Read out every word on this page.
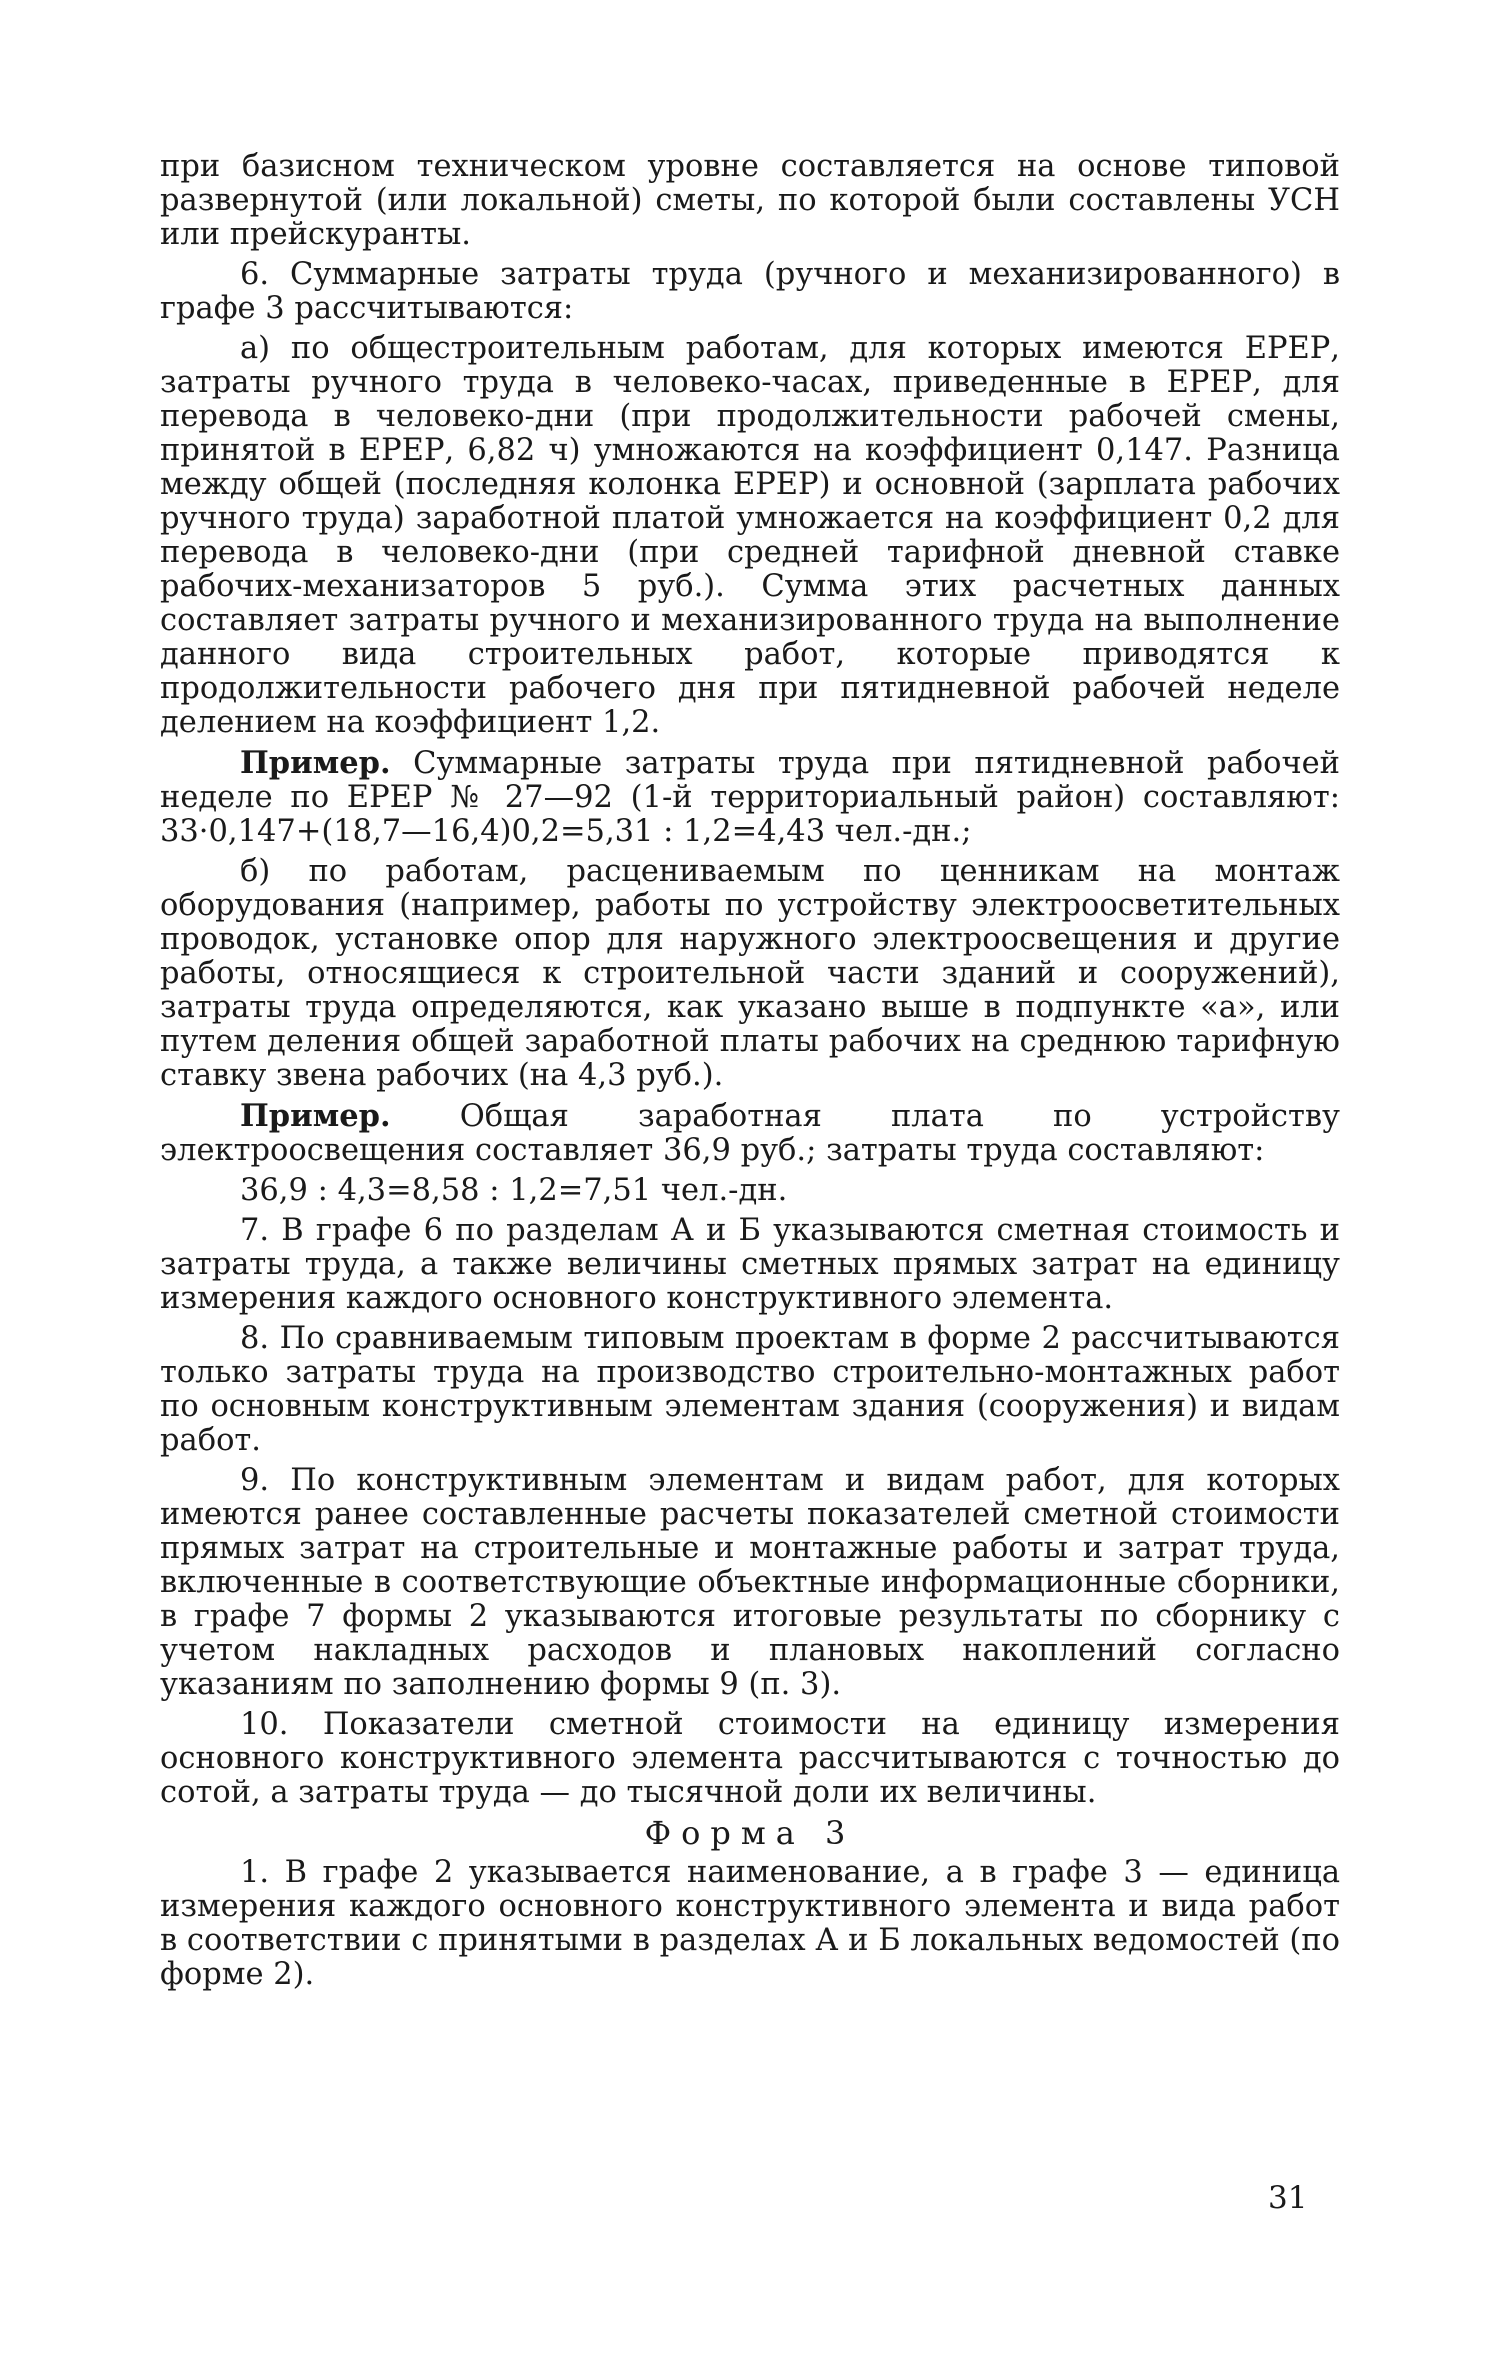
при базисном техническом уровне составляется на основе типовой развернутой (или локальной) сметы, по которой были составлены УСН или прейскуранты.

6. Суммарные затраты труда (ручного и механизированного) в графе 3 рассчитываются:

а) по общестроительным работам, для которых имеются ЕРЕР, затраты ручного труда в человеко-часах, приведенные в ЕРЕР, для перевода в человеко-дни (при продолжительности рабочей смены, принятой в ЕРЕР, 6,82 ч) умножаются на коэффициент 0,147. Разница между общей (последняя колонка ЕРЕР) и основной (зарплата рабочих ручного труда) заработной платой умножается на коэффициент 0,2 для перевода в человеко-дни (при средней тарифной дневной ставке рабочих-механизаторов 5 руб.). Сумма этих расчетных данных составляет затраты ручного и механизированного труда на выполнение данного вида строительных работ, которые приводятся к продолжительности рабочего дня при пятидневной рабочей неделе делением на коэффициент 1,2.

Пример. Суммарные затраты труда при пятидневной рабочей неделе по ЕРЕР № 27—92 (1-й территориальный район) составляют: 33·0,147+(18,7—16,4)0,2=5,31 : 1,2=4,43 чел.-дн.;

б) по работам, расцениваемым по ценникам на монтаж оборудования (например, работы по устройству электроосветительных проводок, установке опор для наружного электроосвещения и другие работы, относящиеся к строительной части зданий и сооружений), затраты труда определяются, как указано выше в подпункте «а», или путем деления общей заработной платы рабочих на среднюю тарифную ставку звена рабочих (на 4,3 руб.).

Пример. Общая заработная плата по устройству электроосвещения составляет 36,9 руб.; затраты труда составляют:

36,9 : 4,3=8,58 : 1,2=7,51 чел.-дн.

7. В графе 6 по разделам А и Б указываются сметная стоимость и затраты труда, а также величины сметных прямых затрат на единицу измерения каждого основного конструктивного элемента.

8. По сравниваемым типовым проектам в форме 2 рассчитываются только затраты труда на производство строительно-монтажных работ по основным конструктивным элементам здания (сооружения) и видам работ.

9. По конструктивным элементам и видам работ, для которых имеются ранее составленные расчеты показателей сметной стоимости прямых затрат на строительные и монтажные работы и затрат труда, включенные в соответствующие объектные информационные сборники, в графе 7 формы 2 указываются итоговые результаты по сборнику с учетом накладных расходов и плановых накоплений согласно указаниям по заполнению формы 9 (п. 3).

10. Показатели сметной стоимости на единицу измерения основного конструктивного элемента рассчитываются с точностью до сотой, а затраты труда — до тысячной доли их величины.

Форма 3

1. В графе 2 указывается наименование, а в графе 3 — единица измерения каждого основного конструктивного элемента и вида работ в соответствии с принятыми в разделах А и Б локальных ведомостей (по форме 2).

31
